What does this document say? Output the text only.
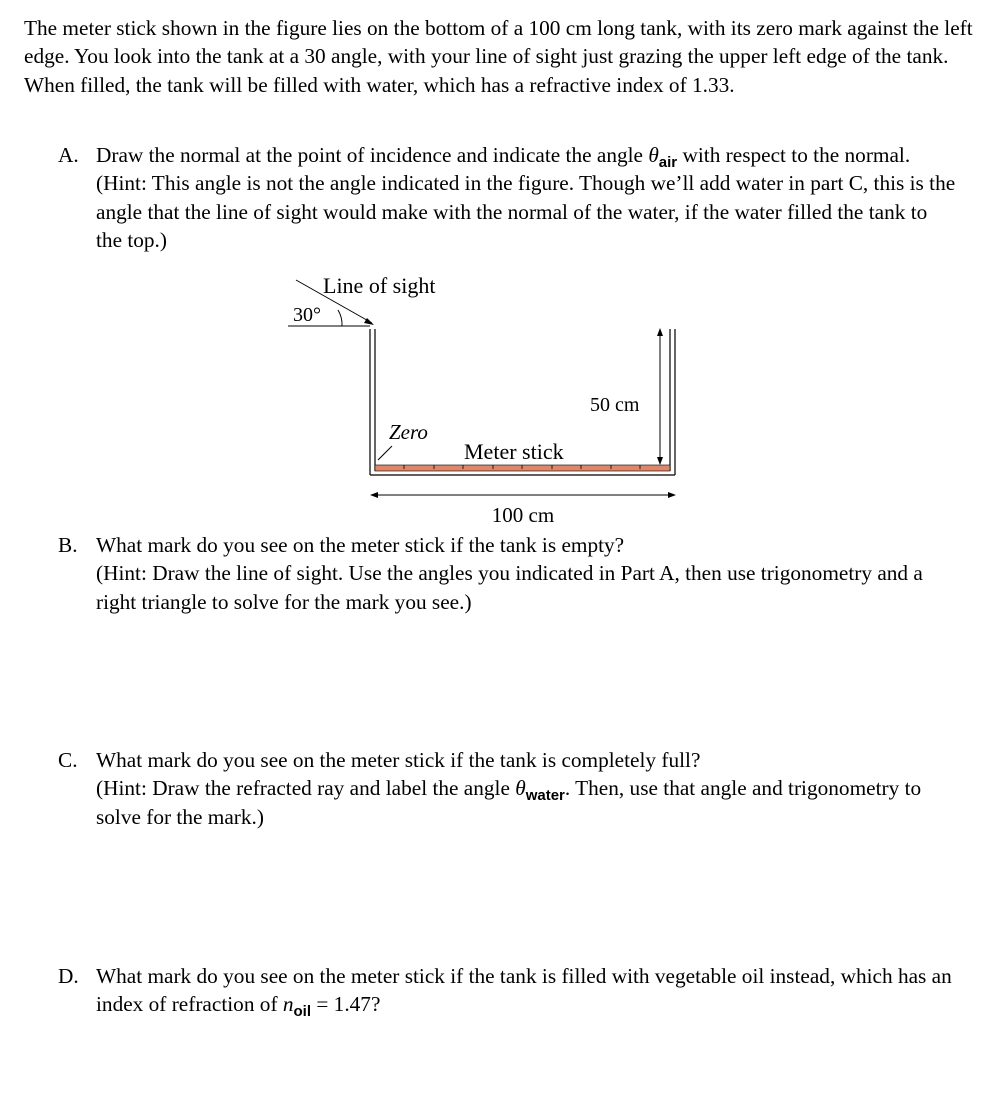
The meter stick shown in the figure lies on the bottom of a 100 cm long tank, with its zero mark against the left edge. You look into the tank at a 30 angle, with your line of sight just grazing the upper left edge of the tank. When filled, the tank will be filled with water, which has a refractive index of 1.33.
A. Draw the normal at the point of incidence and indicate the angle $\theta_{air}$ with respect to the normal. (Hint: This angle is not the angle indicated in the figure. Though we’ll add water in part C, this is the angle that the line of sight would make with the normal of the water, if the water filled the tank to the top.)
Line of sight
30°
50 cm
Zero
Meter stick
100 cm
B. What mark do you see on the meter stick if the tank is empty?
(Hint: Draw the line of sight. Use the angles you indicated in Part A, then use trigonometry and a right triangle to solve for the mark you see.)
C. What mark do you see on the meter stick if the tank is completely full?
(Hint: Draw the refracted ray and label the angle $\theta_{water}$. Then, use that angle and trigonometry to solve for the mark.)
D. What mark do you see on the meter stick if the tank is filled with vegetable oil instead, which has an index of refraction of $n_{oil} = 1.47$?
